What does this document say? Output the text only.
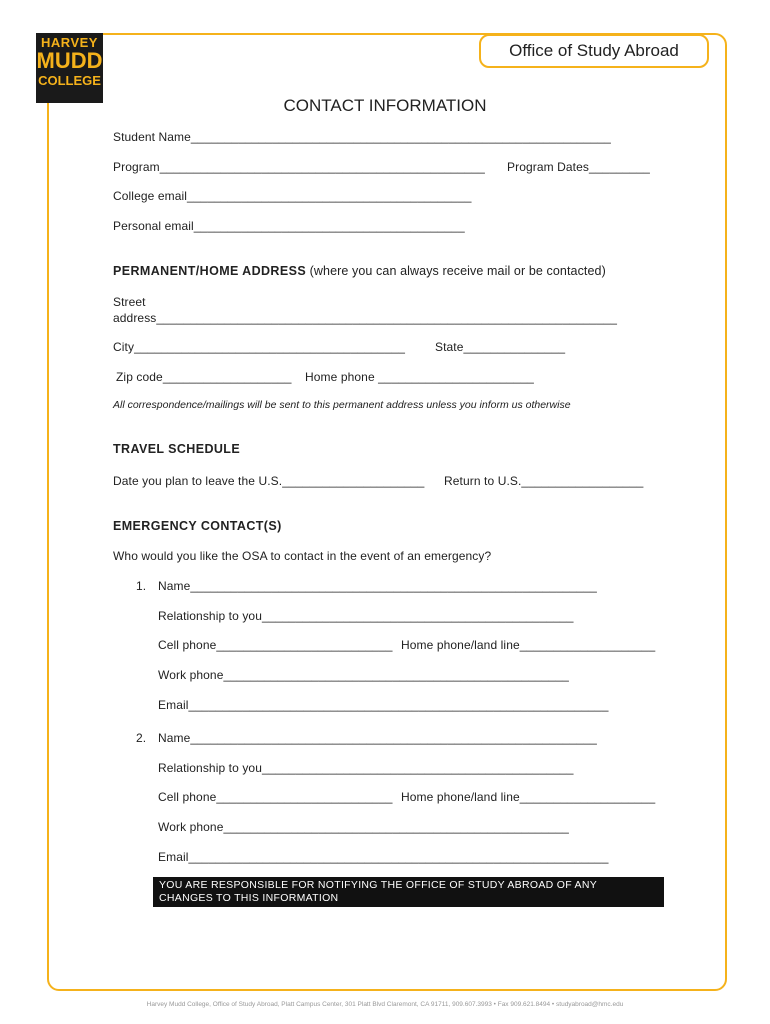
HARVEY
MUDD
COLLEGE
Office of Study Abroad
CONTACT INFORMATION
Student Name______________________________________________________________
Program________________________________________________ Program Dates_________
College email__________________________________________
Personal email________________________________________
PERMANENT/HOME ADDRESS (where you can always receive mail or be contacted)
Street
address____________________________________________________________________
City________________________________________ State_______________
Zip code___________________ Home phone _______________________
All correspondence/mailings will be sent to this permanent address unless you inform us otherwise
TRAVEL SCHEDULE
Date you plan to leave the U.S._____________________ Return to U.S.__________________
EMERGENCY CONTACT(S)
Who would you like the OSA to contact in the event of an emergency?
1. Name____________________________________________________________
Relationship to you______________________________________________
Cell phone__________________________ Home phone/land line____________________
Work phone___________________________________________________
Email______________________________________________________________
2. Name____________________________________________________________
Relationship to you______________________________________________
Cell phone__________________________ Home phone/land line____________________
Work phone___________________________________________________
Email______________________________________________________________
YOU ARE RESPONSIBLE FOR NOTIFYING THE OFFICE OF STUDY ABROAD OF ANY
CHANGES TO THIS INFORMATION
Harvey Mudd College, Office of Study Abroad, Platt Campus Center, 301 Platt Blvd Claremont, CA 91711, 909.607.3993 • Fax 909.621.8494 • studyabroad@hmc.edu
